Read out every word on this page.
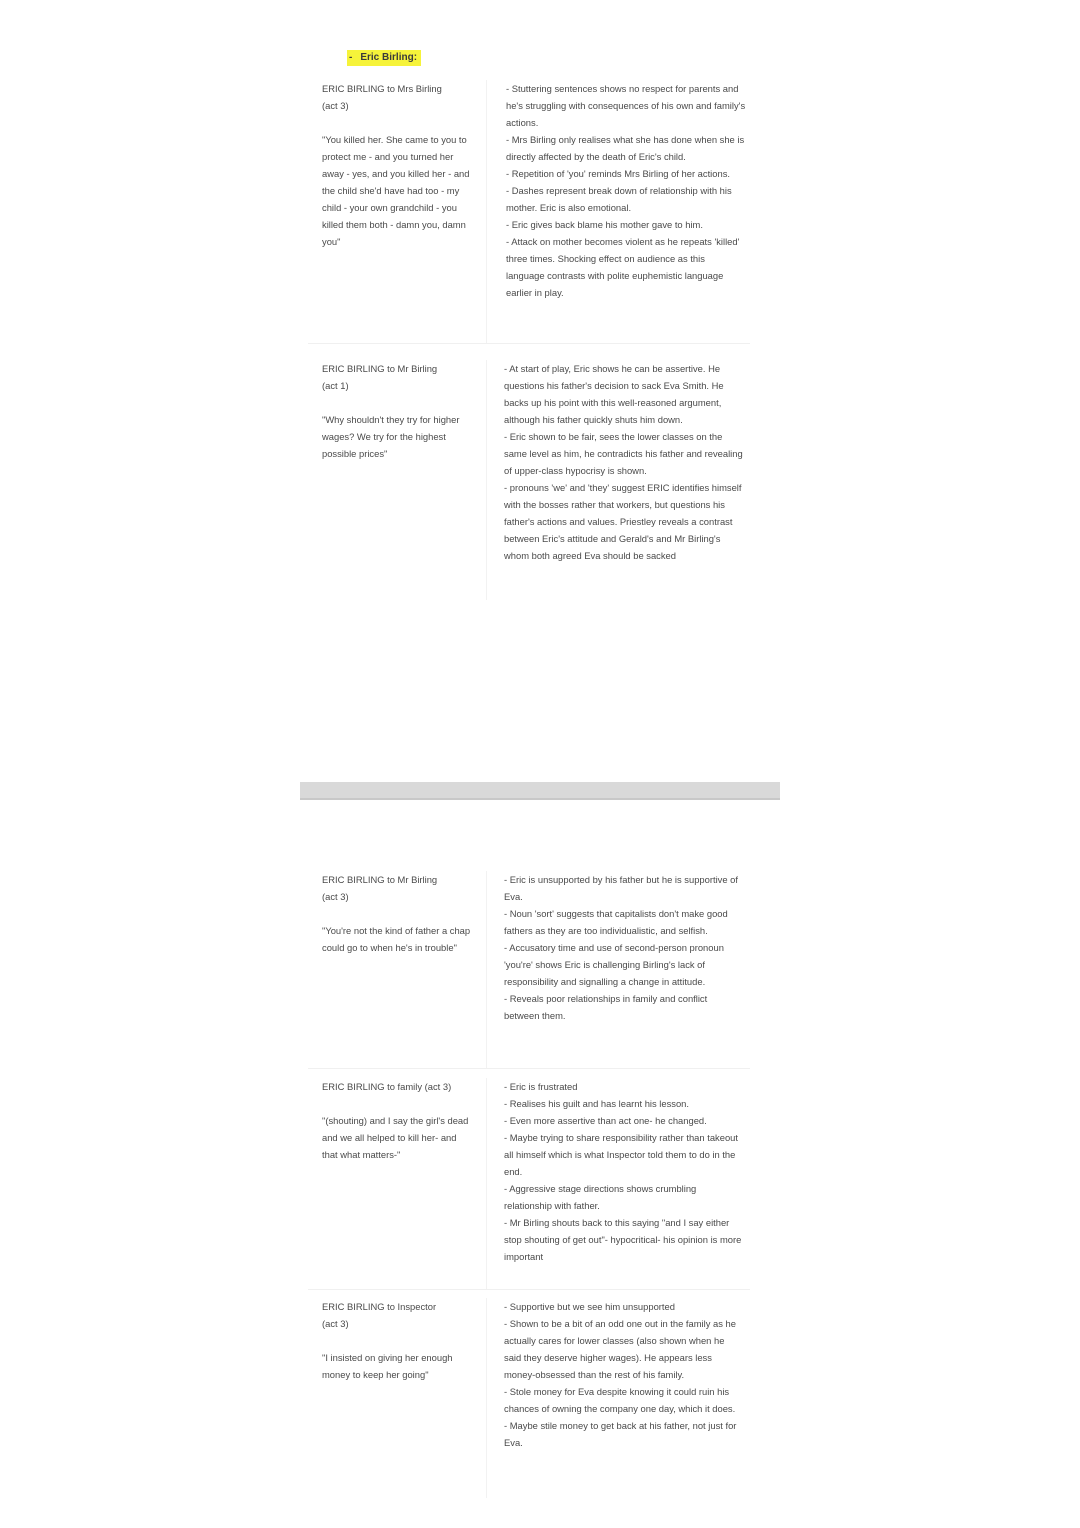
- Eric Birling:
ERIC BIRLING to Mrs Birling
(act 3)
"You killed her. She came to you to protect me - and you turned her away - yes, and you killed her - and the child she'd have had too - my child - your own grandchild - you killed them both - damn you, damn you"
- Stuttering sentences shows no respect for parents and he's struggling with consequences of his own and family's actions.
- Mrs Birling only realises what she has done when she is directly affected by the death of Eric's child.
- Repetition of 'you' reminds Mrs Birling of her actions.
- Dashes represent break down of relationship with his mother. Eric is also emotional.
- Eric gives back blame his mother gave to him.
- Attack on mother becomes violent as he repeats 'killed' three times. Shocking effect on audience as this language contrasts with polite euphemistic language earlier in play.
ERIC BIRLING to Mr Birling
(act 1)
"Why shouldn't they try for higher wages? We try for the highest possible prices"
- At start of play, Eric shows he can be assertive. He questions his father's decision to sack Eva Smith. He backs up his point with this well-reasoned argument, although his father quickly shuts him down.
- Eric shown to be fair, sees the lower classes on the same level as him, he contradicts his father and revealing of upper-class hypocrisy is shown.
- pronouns 'we' and 'they' suggest ERIC identifies himself with the bosses rather that workers, but questions his father's actions and values. Priestley reveals a contrast between Eric's attitude and Gerald's and Mr Birling's whom both agreed Eva should be sacked
ERIC BIRLING to Mr Birling
(act 3)
"You're not the kind of father a chap could go to when he's in trouble"
- Eric is unsupported by his father but he is supportive of Eva.
- Noun 'sort' suggests that capitalists don't make good fathers as they are too individualistic, and selfish.
- Accusatory time and use of second-person pronoun 'you're' shows Eric is challenging Birling's lack of responsibility and signalling a change in attitude.
- Reveals poor relationships in family and conflict between them.
ERIC BIRLING to family (act 3)
"(shouting) and I say the girl's dead and we all helped to kill her- and that what matters-"
- Eric is frustrated
- Realises his guilt and has learnt his lesson.
- Even more assertive than act one- he changed.
- Maybe trying to share responsibility rather than takeout all himself which is what Inspector told them to do in the end.
- Aggressive stage directions shows crumbling relationship with father.
- Mr Birling shouts back to this saying "and I say either stop shouting of get out"- hypocritical- his opinion is more important
ERIC BIRLING to Inspector
(act 3)
"I insisted on giving her enough money to keep her going"
- Supportive but we see him unsupported
- Shown to be a bit of an odd one out in the family as he actually cares for lower classes (also shown when he said they deserve higher wages). He appears less money-obsessed than the rest of his family.
- Stole money for Eva despite knowing it could ruin his chances of owning the company one day, which it does.
- Maybe stile money to get back at his father, not just for Eva.
